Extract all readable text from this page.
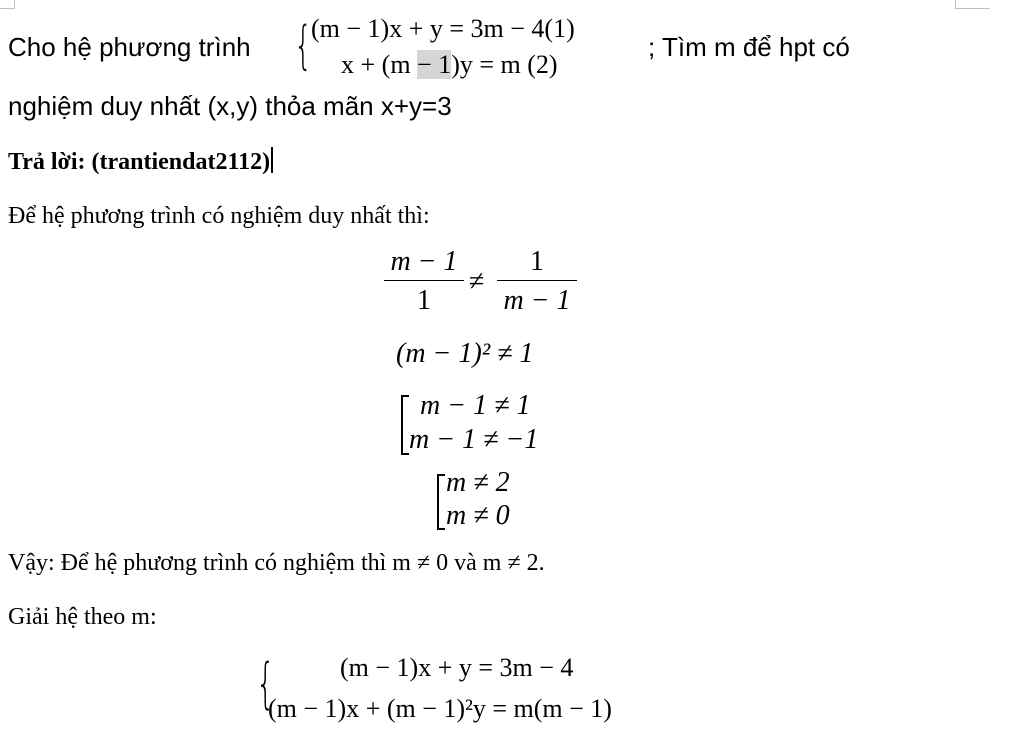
Cho hệ phương trình {
(m − 1)x + y = 3m − 4(1)
x + (m − 1)y = m (2)
; Tìm m để hpt có
nghiệm duy nhất (x,y) thỏa mãn x+y=3
Trả lời: (trantiendat2112)
Để hệ phương trình có nghiệm duy nhất thì:
m − 1
1
≠
1
m − 1
(m − 1)² ≠ 1
m − 1 ≠ 1
m − 1 ≠ −1
m ≠ 2
m ≠ 0
Vậy: Để hệ phương trình có nghiệm thì m ≠ 0 và m ≠ 2.
Giải hệ theo m:
{	(m − 1)x + y = 3m − 4
(m − 1)x + (m − 1)²y = m(m − 1)
